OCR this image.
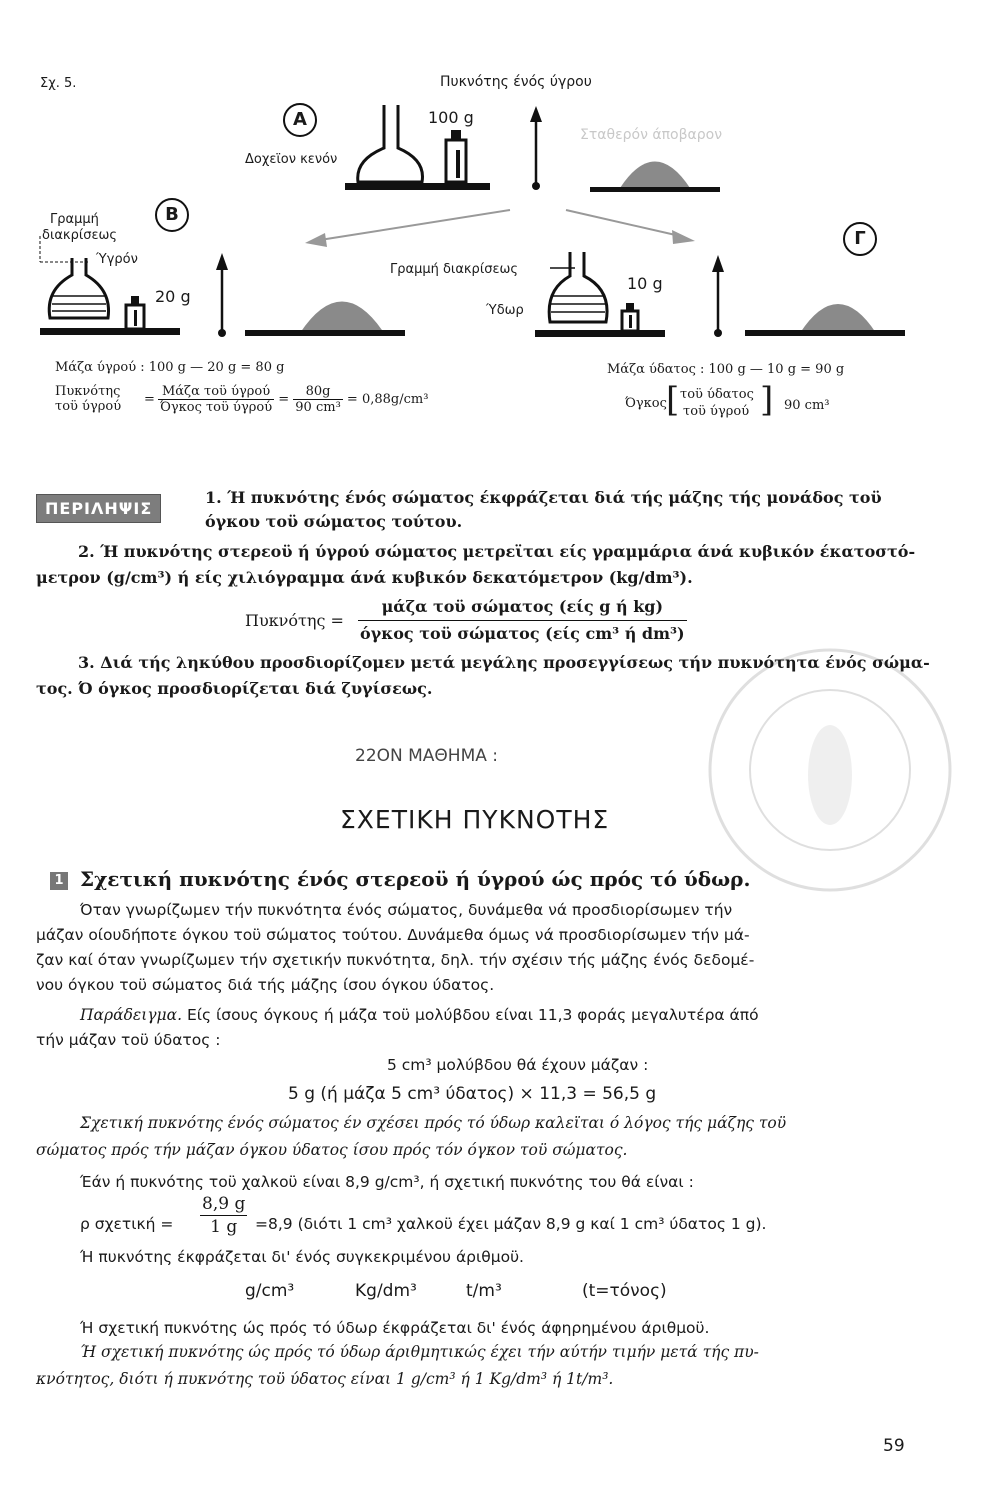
Σχ. 5.	Πυκνότης ένός ύγρου
A
Δοχεϊον κενόν
100 g
Σταθερόν άποβαρον
B
Γραμμή
διακρίσεως
Ύγρόν
20 g
Γ
Γραμμή διακρίσεως
Ύδωρ
10 g
Μάζα ύγρού : 100 g — 20 g = 80 g
Πυκνότης
τοϋ $ύ\gamma\rho oύ = \frac{\text{Μάζα τοϋ ύγρού}}{\text{Όγκος τοϋ ύγρού}} = \frac{80g}{\text{90 cm³}} = 0,88g/cm^3$
Μάζα ύδατος : 100 g — 10 g = 90 g
Όγκος [ τοϋ ύδατος
τοϋ ύγρού ] 90 cm³
ΠΕΡΙΛΗΨΙΣ
1. Ή πυκνότης ένός σώματος έκφράζεται διά τής μάζης τής μονάδος τοϋ
όγκου τοϋ σώματος τούτου.
2. Ή πυκνότης στερεοϋ ή ύγρού σώματος μετρεϊται είς γραμμάρια άνά κυβικόν έκατοστό-
μετρον (g/cm³) ή είς χιλιόγραμμα άνά κυβικόν δεκατόμετρον (kg/dm³).
$\Pi\upsilon\kappa\nu ό\tau\eta\varsigma = \frac{\text{μάζα τοϋ σώματος (είς g ή kg)}}{\text{όγκος τοϋ σώματος (είς cm³ ή dm³)}}$
3. Διά τής ληκύθου προσδιορίζομεν μετά μεγάλης προσεγγίσεως τήν πυκνότητα ένός σώμα-
τος. Ό όγκος προσδιορίζεται διά ζυγίσεως.
22ΟΝ ΜΑΘΗΜΑ :
ΣΧΕΤΙΚΗ ΠΥΚΝΟΤΗΣ
1 Σχετική πυκνότης ένός στερεοϋ ή ύγρού ώς πρός τό ύδωρ.
Όταν γνωρίζωμεν τήν πυκνότητα ένός σώματος, δυνάμεθα νά προσδιορίσωμεν τήν
μάζαν οίουδήποτε όγκου τοϋ σώματος τούτου. Δυνάμεθα όμως νά προσδιορίσωμεν τήν μά-
ζαν καί όταν γνωρίζωμεν τήν σχετικήν πυκνότητα, δηλ. τήν σχέσιν τής μάζης ένός δεδομέ-
νου όγκου τοϋ σώματος διά τής μάζης ίσου όγκου ύδατος.
Παράδειγμα. Είς ίσους όγκους ή μάζα τοϋ μολύβδου είναι 11,3 φοράς μεγαλυτέρα άπό
τήν μάζαν τοϋ ύδατος :
5 cm³ μολύβδου θά έχουν μάζαν :
5 g (ή μάζα 5 cm³ ύδατος) × 11,3 = 56,5 g
Σχετική πυκνότης ένός σώματος έν σχέσει πρός τό ύδωρ καλεϊται ό λόγος τής μάζης τοϋ
σώματος πρός τήν μάζαν όγκου ύδατος ίσου πρός τόν όγκον τοϋ σώματος.
Έάν ή πυκνότης τοϋ χαλκοϋ είναι 8,9 g/cm³, ή σχετική πυκνότης του θά είναι :
ρ $\sigma\chi\varepsilon\tau\iota\kappa ή = \frac{8,9 g}{1 g} =8,9$ (διότι 1 cm³ χαλκοϋ έχει μάζαν 8,9 g καί 1 cm³ ύδατος 1 g).
Ή πυκνότης έκφράζεται δι' ένός συγκεκριμένου άριθμοϋ.
g/cm³	Kg/dm³	t/m³	(t=τόνος)
Ή σχετική πυκνότης ώς πρός τό ύδωρ έκφράζεται δι' ένός άφηρημένου άριθμοϋ.
Ή σχετική πυκνότης ώς πρός τό ύδωρ άριθμητικώς έχει τήν αύτήν τιμήν μετά τής πυ-
κνότητος, διότι ή πυκνότης τοϋ ύδατος είναι 1 g/cm³ ή 1 Kg/dm³ ή 1t/m³.
59
